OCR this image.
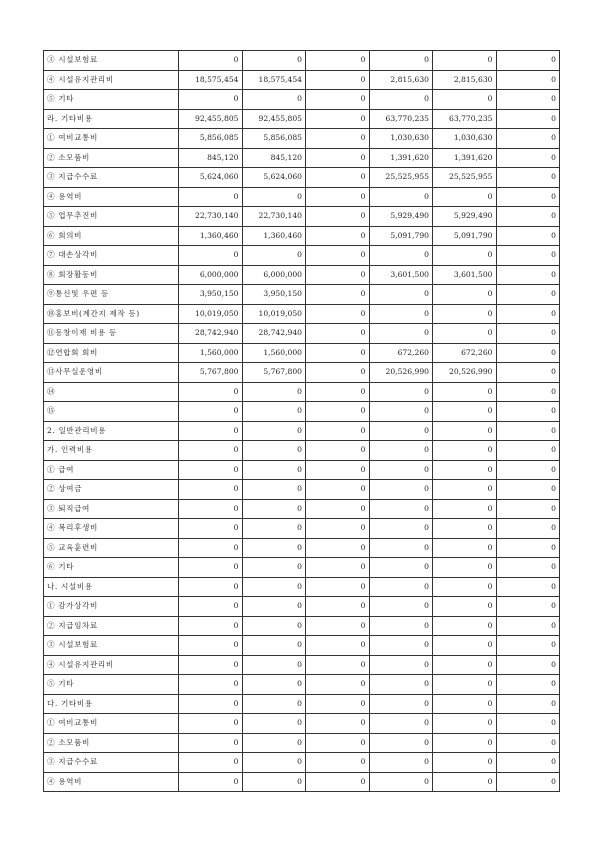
③ 시설보험료	0	0	0	0	0	0
④ 시설유지관리비	18,575,454	18,575,454	0	2,815,630	2,815,630	0
⑤ 기타	0	0	0	0	0	0
라. 기타비용	92,455,805	92,455,805	0	63,770,235	63,770,235	0
① 여비교통비	5,856,085	5,856,085	0	1,030,630	1,030,630	0
② 소모품비	845,120	845,120	0	1,391,620	1,391,620	0
③ 지급수수료	5,624,060	5,624,060	0	25,525,955	25,525,955	0
④ 용역비	0	0	0	0	0	0
⑤ 업무추진비	22,730,140	22,730,140	0	5,929,490	5,929,490	0
⑥ 회의비	1,360,460	1,360,460	0	5,091,790	5,091,790	0
⑦ 대손상각비	0	0	0	0	0	0
⑧ 회장활동비	6,000,000	6,000,000	0	3,601,500	3,601,500	0
⑨통신및 우편 등	3,950,150	3,950,150	0	0	0	0
⑩홍보비(계간지 제작 등)	10,019,050	10,019,050	0	0	0	0
⑪동창이재 비용 등	28,742,940	28,742,940	0	0	0	0
⑫연합회 회비	1,560,000	1,560,000	0	672,260	672,260	0
⑬사무실운영비	5,767,800	5,767,800	0	20,526,990	20,526,990	0
⑭	0	0	0	0	0	0
⑮	0	0	0	0	0	0
2. 일반관리비용	0	0	0	0	0	0
가. 인력비용	0	0	0	0	0	0
① 급여	0	0	0	0	0	0
② 상여금	0	0	0	0	0	0
③ 퇴직급여	0	0	0	0	0	0
④ 복리후생비	0	0	0	0	0	0
⑤ 교육훈련비	0	0	0	0	0	0
⑥ 기타	0	0	0	0	0	0
나. 시설비용	0	0	0	0	0	0
① 감가상각비	0	0	0	0	0	0
② 지급임차료	0	0	0	0	0	0
③ 시설보험료	0	0	0	0	0	0
④ 시설유지관리비	0	0	0	0	0	0
⑤ 기타	0	0	0	0	0	0
다. 기타비용	0	0	0	0	0	0
① 여비교통비	0	0	0	0	0	0
② 소모품비	0	0	0	0	0	0
③ 지급수수료	0	0	0	0	0	0
④ 용역비	0	0	0	0	0	0
